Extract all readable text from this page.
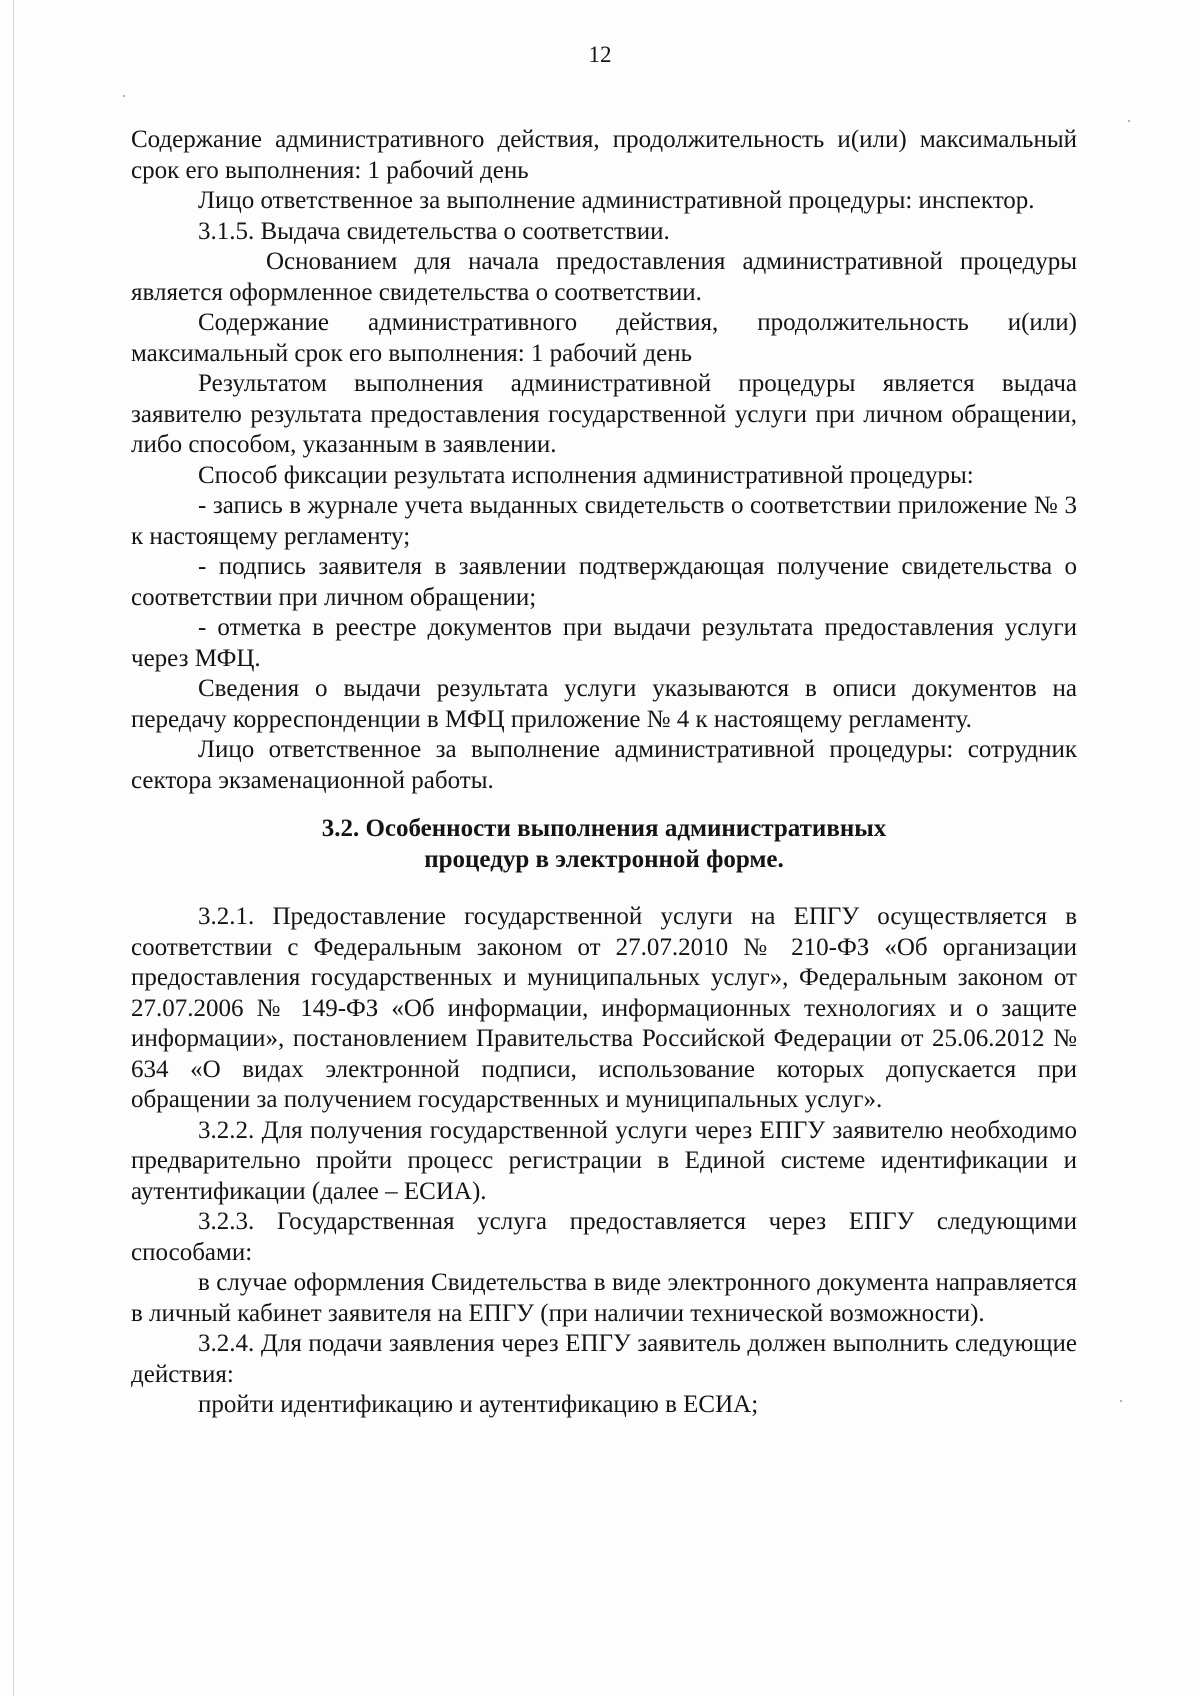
12

Содержание административного действия, продолжительность и(или) максимальный срок его выполнения: 1 рабочий день

Лицо ответственное за выполнение административной процедуры: инспектор.

3.1.5. Выдача свидетельства о соответствии.

Основанием для начала предоставления административной процедуры является оформленное свидетельства о соответствии.

Содержание административного действия, продолжительность и(или) максимальный срок его выполнения: 1 рабочий день

Результатом выполнения административной процедуры является выдача заявителю результата предоставления государственной услуги при личном обращении, либо способом, указанным в заявлении.

Способ фиксации результата исполнения административной процедуры:

- запись в журнале учета выданных свидетельств о соответствии приложение № 3 к настоящему регламенту;

- подпись заявителя в заявлении подтверждающая получение свидетельства о соответствии при личном обращении;

- отметка в реестре документов при выдачи результата предоставления услуги через МФЦ.

Сведения о выдачи результата услуги указываются в описи документов на передачу корреспонденции в МФЦ приложение № 4 к настоящему регламенту.

Лицо ответственное за выполнение административной процедуры: сотрудник сектора экзаменационной работы.

3.2. Особенности выполнения административных
процедур в электронной форме.

3.2.1. Предоставление государственной услуги на ЕПГУ осуществляется в соответствии с Федеральным законом от 27.07.2010 № 210-ФЗ «Об организации предоставления государственных и муниципальных услуг», Федеральным законом от 27.07.2006 № 149-ФЗ «Об информации, информационных технологиях и о защите информации», постановлением Правительства Российской Федерации от 25.06.2012 № 634 «О видах электронной подписи, использование которых допускается при обращении за получением государственных и муниципальных услуг».

3.2.2. Для получения государственной услуги через ЕПГУ заявителю необходимо предварительно пройти процесс регистрации в Единой системе идентификации и аутентификации (далее – ЕСИА).

3.2.3. Государственная услуга предоставляется через ЕПГУ следующими способами:

в случае оформления Свидетельства в виде электронного документа направляется в личный кабинет заявителя на ЕПГУ (при наличии технической возможности).

3.2.4. Для подачи заявления через ЕПГУ заявитель должен выполнить следующие действия:

пройти идентификацию и аутентификацию в ЕСИА;
